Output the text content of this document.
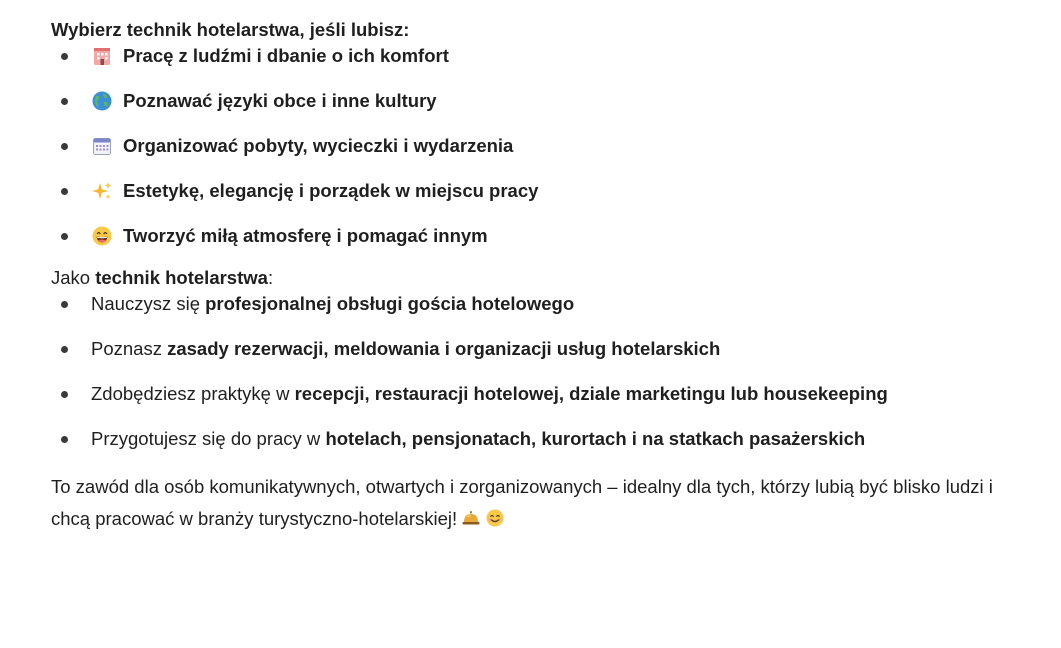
Wybierz technik hotelarstwa, jeśli lubisz:

Pracę z ludźmi i dbanie o ich komfort
Poznawać języki obce i inne kultury
Organizować pobyty, wycieczki i wydarzenia
Estetykę, elegancję i porządek w miejscu pracy
Tworzyć miłą atmosferę i pomagać innym

Jako technik hotelarstwa:

Nauczysz się profesjonalnej obsługi gościa hotelowego
Poznasz zasady rezerwacji, meldowania i organizacji usług hotelarskich
Zdobędziesz praktykę w recepcji, restauracji hotelowej, dziale marketingu lub housekeeping
Przygotujesz się do pracy w hotelach, pensjonatach, kurortach i na statkach pasażerskich

To zawód dla osób komunikatywnych, otwartych i zorganizowanych – idealny dla tych, którzy lubią być blisko ludzi i chcą pracować w branży turystyczno-hotelarskiej!
